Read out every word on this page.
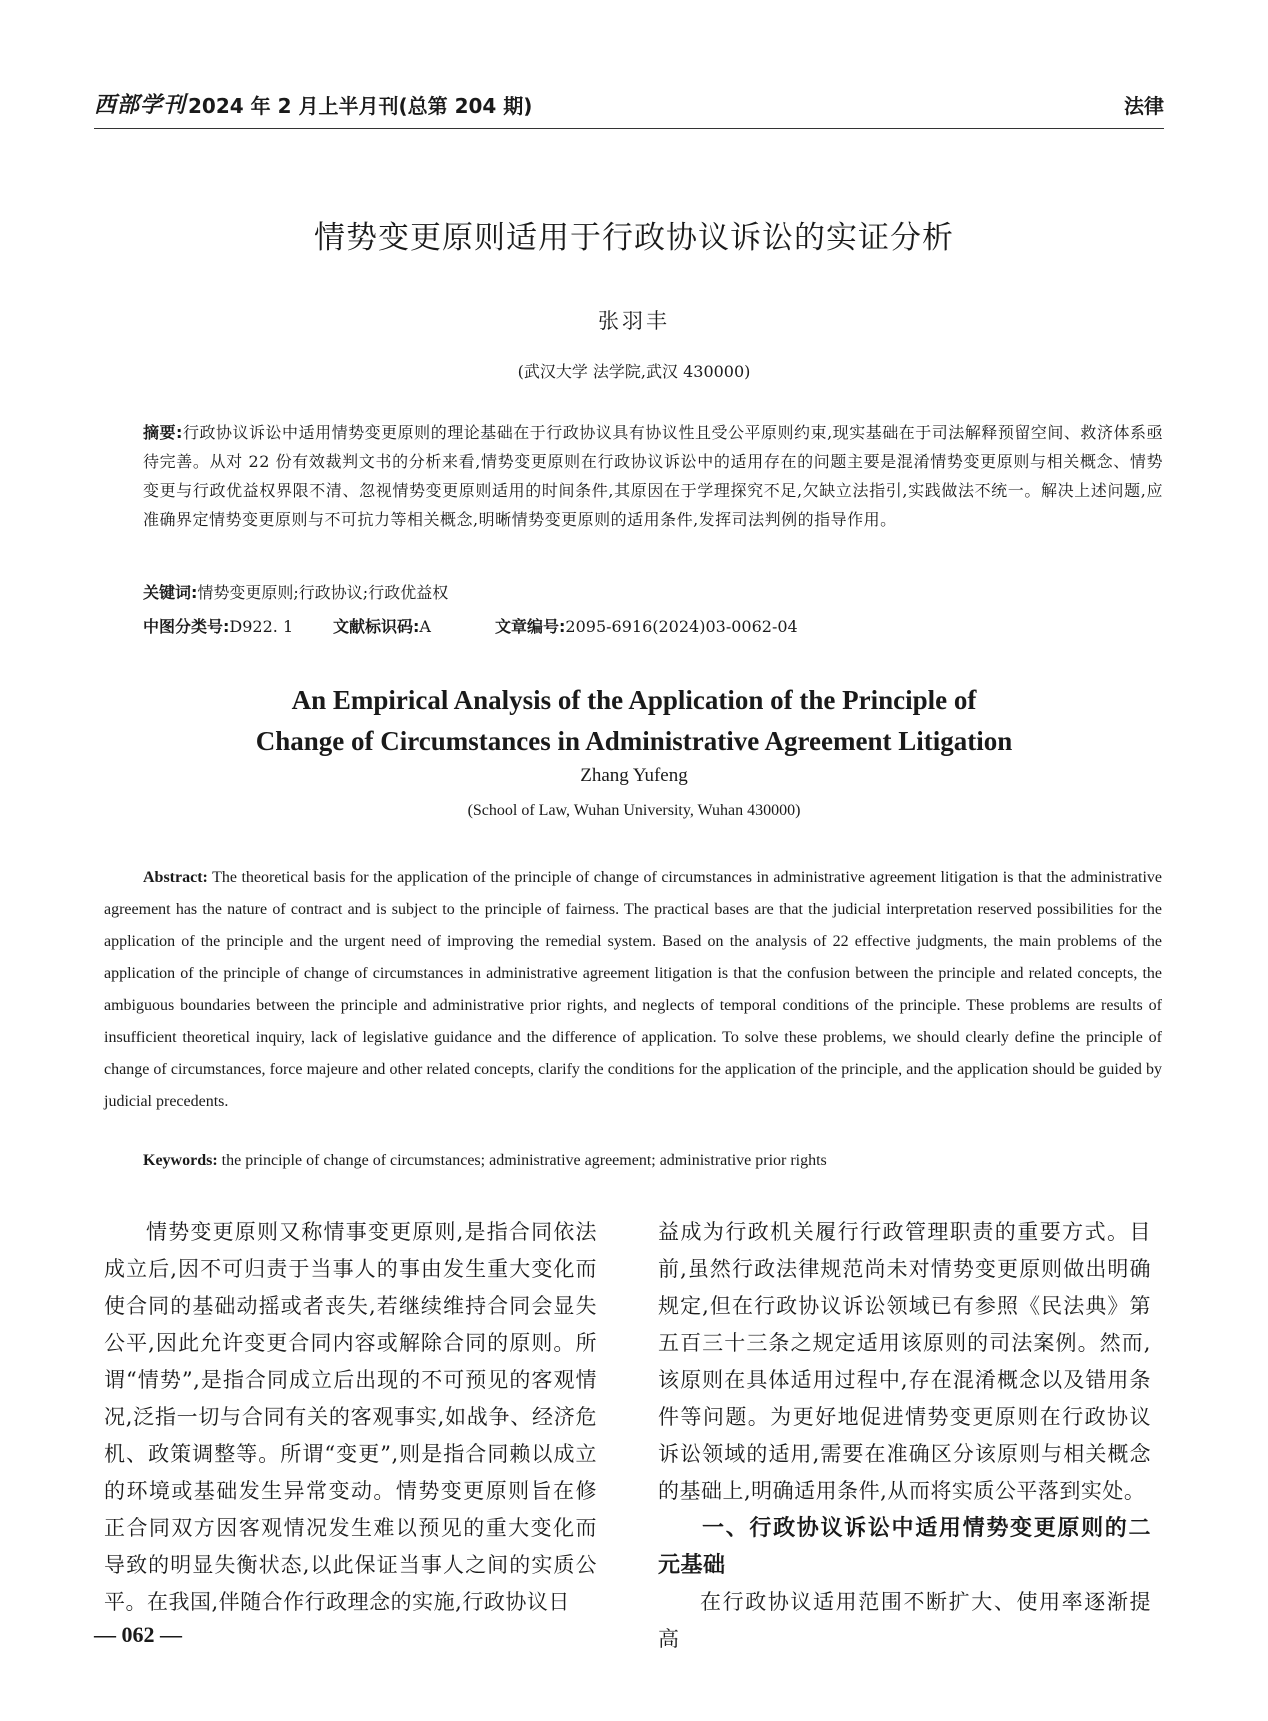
西部学刊 2024 年 2 月上半月刊(总第 204 期)	法律
情势变更原则适用于行政协议诉讼的实证分析
张羽丰
(武汉大学 法学院,武汉 430000)
摘要:行政协议诉讼中适用情势变更原则的理论基础在于行政协议具有协议性且受公平原则约束,现实基础在于司法解释预留空间、救济体系亟待完善。从对 22 份有效裁判文书的分析来看,情势变更原则在行政协议诉讼中的适用存在的问题主要是混淆情势变更原则与相关概念、情势变更与行政优益权界限不清、忽视情势变更原则适用的时间条件,其原因在于学理探究不足,欠缺立法指引,实践做法不统一。解决上述问题,应准确界定情势变更原则与不可抗力等相关概念,明晰情势变更原则的适用条件,发挥司法判例的指导作用。
关键词:情势变更原则;行政协议;行政优益权
中图分类号:D922. 1 文献标识码:A	文章编号:2095-6916(2024)03-0062-04
An Empirical Analysis of the Application of the Principle of
Change of Circumstances in Administrative Agreement Litigation
Zhang Yufeng
(School of Law, Wuhan University, Wuhan 430000)
Abstract: The theoretical basis for the application of the principle of change of circumstances in administrative agreement litigation is that the administrative agreement has the nature of contract and is subject to the principle of fairness. The practical bases are that the judicial interpretation reserved possibilities for the application of the principle and the urgent need of improving the remedial system. Based on the analysis of 22 effective judgments, the main problems of the application of the principle of change of circumstances in administrative agreement litigation is that the confusion between the principle and related concepts, the ambiguous boundaries between the principle and administrative prior rights, and neglects of temporal conditions of the principle. These problems are results of insufficient theoretical inquiry, lack of legislative guidance and the difference of application. To solve these problems, we should clearly define the principle of change of circumstances, force majeure and other related concepts, clarify the conditions for the application of the principle, and the application should be guided by judicial precedents.
Keywords: the principle of change of circumstances; administrative agreement; administrative prior rights

情势变更原则又称情事变更原则,是指合同依法成立后,因不可归责于当事人的事由发生重大变化而使合同的基础动摇或者丧失,若继续维持合同会显失公平,因此允许变更合同内容或解除合同的原则。所谓“情势”,是指合同成立后出现的不可预见的客观情况,泛指一切与合同有关的客观事实,如战争、经济危机、政策调整等。所谓“变更”,则是指合同赖以成立的环境或基础发生异常变动。情势变更原则旨在修正合同双方因客观情况发生难以预见的重大变化而导致的明显失衡状态,以此保证当事人之间的实质公平。在我国,伴随合作行政理念的实施,行政协议日

益成为行政机关履行行政管理职责的重要方式。目前,虽然行政法律规范尚未对情势变更原则做出明确规定,但在行政协议诉讼领域已有参照《民法典》第五百三十三条之规定适用该原则的司法案例。然而,该原则在具体适用过程中,存在混淆概念以及错用条件等问题。为更好地促进情势变更原则在行政协议诉讼领域的适用,需要在准确区分该原则与相关概念的基础上,明确适用条件,从而将实质公平落到实处。

一、行政协议诉讼中适用情势变更原则的二元基础

在行政协议适用范围不断扩大、使用率逐渐提高

— 062 —
